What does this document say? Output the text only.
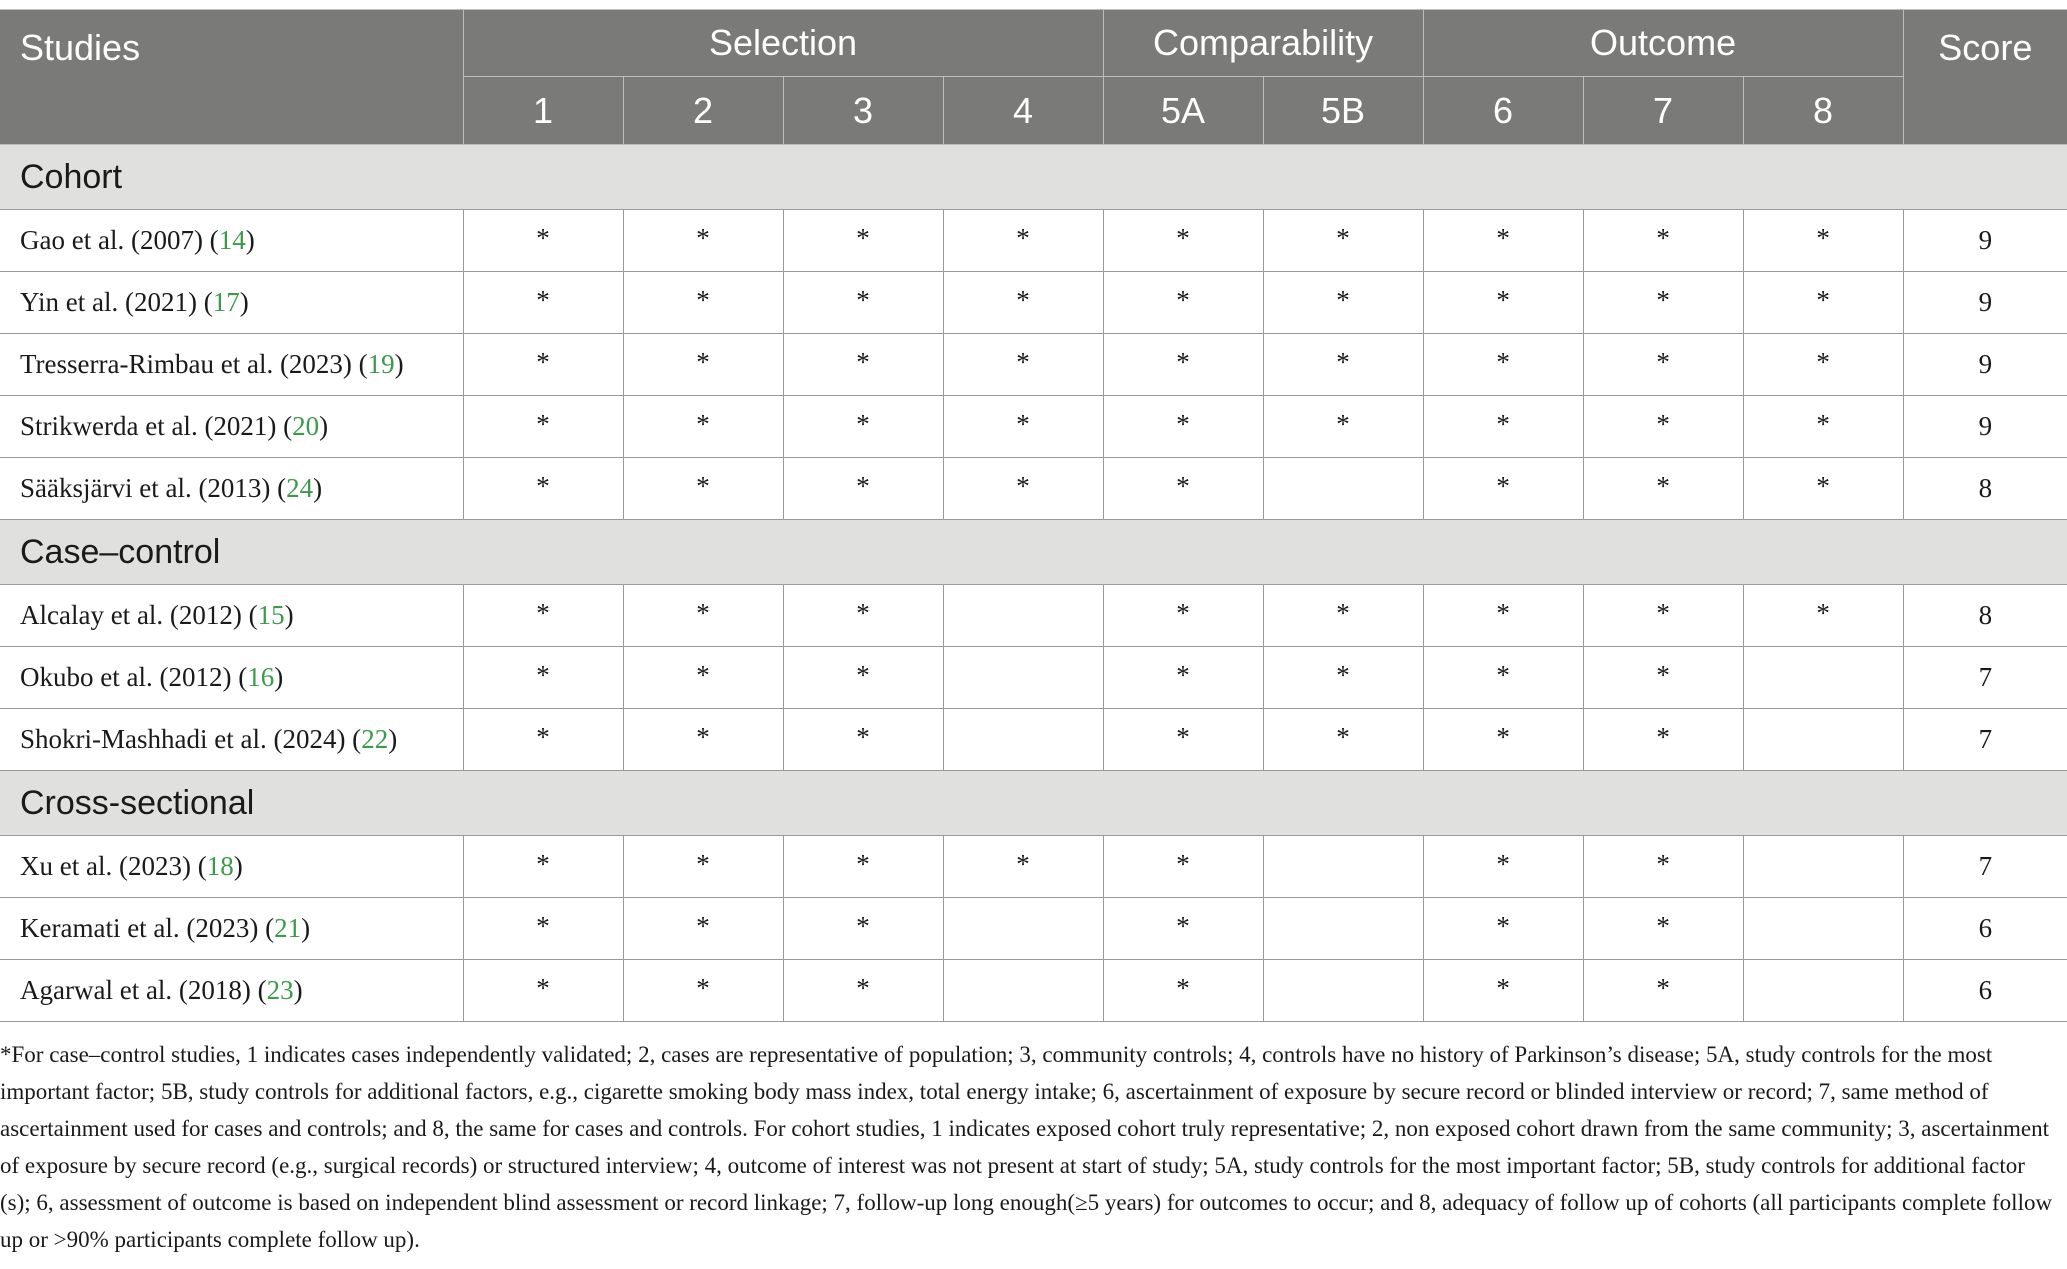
Studies	Selection				Comparability		Outcome			Score
	1	2	3	4	5A	5B	6	7	8	
Cohort										
Gao et al. (2007) (14)	*	*	*	*	*	*	*	*	*	9
Yin et al. (2021) (17)	*	*	*	*	*	*	*	*	*	9
Tresserra-Rimbau et al. (2023) (19)	*	*	*	*	*	*	*	*	*	9
Strikwerda et al. (2021) (20)	*	*	*	*	*	*	*	*	*	9
Sääksjärvi et al. (2013) (24)	*	*	*	*	*		*	*	*	8
Case–control										
Alcalay et al. (2012) (15)	*	*	*		*	*	*	*	*	8
Okubo et al. (2012) (16)	*	*	*		*	*	*	*		7
Shokri-Mashhadi et al. (2024) (22)	*	*	*		*	*	*	*		7
Cross-sectional										
Xu et al. (2023) (18)	*	*	*	*	*		*	*		7
Keramati et al. (2023) (21)	*	*	*		*		*	*		6
Agarwal et al. (2018) (23)	*	*	*		*		*	*		6

*For case–control studies, 1 indicates cases independently validated; 2, cases are representative of population; 3, community controls; 4, controls have no history of Parkinson’s disease; 5A, study controls for the most important factor; 5B, study controls for additional factors, e.g., cigarette smoking body mass index, total energy intake; 6, ascertainment of exposure by secure record or blinded interview or record; 7, same method of ascertainment used for cases and controls; and 8, the same for cases and controls. For cohort studies, 1 indicates exposed cohort truly representative; 2, non exposed cohort drawn from the same community; 3, ascertainment of exposure by secure record (e.g., surgical records) or structured interview; 4, outcome of interest was not present at start of study; 5A, study controls for the most important factor; 5B, study controls for additional factor (s); 6, assessment of outcome is based on independent blind assessment or record linkage; 7, follow-up long enough(≥5 years) for outcomes to occur; and 8, adequacy of follow up of cohorts (all participants complete follow up or >90% participants complete follow up).
